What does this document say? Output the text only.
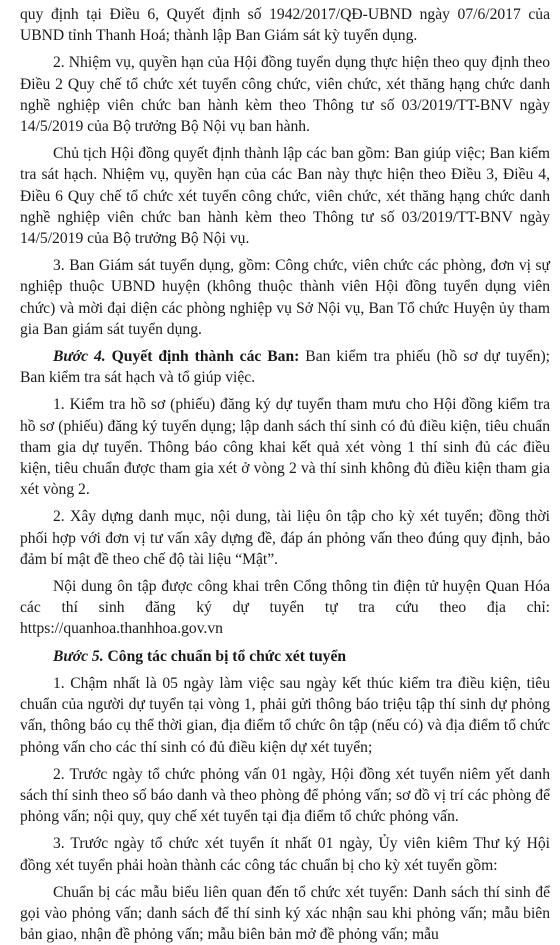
quy định tại Điều 6, Quyết định số 1942/2017/QĐ-UBND ngày 07/6/2017 của UBND tỉnh Thanh Hoá; thành lập Ban Giám sát kỳ tuyển dụng.

2. Nhiệm vụ, quyền hạn của Hội đồng tuyển dụng thực hiện theo quy định theo Điều 2 Quy chế tổ chức xét tuyển công chức, viên chức, xét thăng hạng chức danh nghề nghiệp viên chức ban hành kèm theo Thông tư số 03/2019/TT-BNV ngày 14/5/2019 của Bộ trưởng Bộ Nội vụ ban hành.

Chủ tịch Hội đồng quyết định thành lập các ban gồm: Ban giúp việc; Ban kiểm tra sát hạch. Nhiệm vụ, quyền hạn của các Ban này thực hiện theo Điều 3, Điều 4, Điều 6 Quy chế tổ chức xét tuyển công chức, viên chức, xét thăng hạng chức danh nghề nghiệp viên chức ban hành kèm theo Thông tư số 03/2019/TT-BNV ngày 14/5/2019 của Bộ trưởng Bộ Nội vụ.

3. Ban Giám sát tuyển dụng, gồm: Công chức, viên chức các phòng, đơn vị sự nghiệp thuộc UBND huyện (không thuộc thành viên Hội đồng tuyển dụng viên chức) và mời đại diện các phòng nghiệp vụ Sở Nội vụ, Ban Tổ chức Huyện ủy tham gia Ban giám sát tuyển dụng.

Bước 4. Quyết định thành các Ban: Ban kiểm tra phiếu (hồ sơ dự tuyển); Ban kiểm tra sát hạch và tổ giúp việc.

1. Kiểm tra hồ sơ (phiếu) đăng ký dự tuyển tham mưu cho Hội đồng kiểm tra hồ sơ (phiếu) đăng ký tuyển dụng; lập danh sách thí sinh có đủ điều kiện, tiêu chuẩn tham gia dự tuyển. Thông báo công khai kết quả xét vòng 1 thí sinh đủ các điều kiện, tiêu chuẩn được tham gia xét ở vòng 2 và thí sinh không đủ điều kiện tham gia xét vòng 2.

2. Xây dựng danh mục, nội dung, tài liệu ôn tập cho kỳ xét tuyển; đồng thời phối hợp với đơn vị tư vấn xây dựng đề, đáp án phỏng vấn theo đúng quy định, bảo đảm bí mật đề theo chế độ tài liệu “Mật”.

Nội dung ôn tập được công khai trên Cổng thông tin điện tử huyện Quan Hóa các thí sinh đăng ký dự tuyển tự tra cứu theo địa chỉ: https://quanhoa.thanhhoa.gov.vn

Bước 5. Công tác chuẩn bị tổ chức xét tuyển

1. Chậm nhất là 05 ngày làm việc sau ngày kết thúc kiểm tra điều kiện, tiêu chuẩn của người dự tuyển tại vòng 1, phải gửi thông báo triệu tập thí sinh dự phỏng vấn, thông báo cụ thể thời gian, địa điểm tổ chức ôn tập (nếu có) và địa điểm tổ chức phỏng vấn cho các thí sinh có đủ điều kiện dự xét tuyển;

2. Trước ngày tổ chức phỏng vấn 01 ngày, Hội đồng xét tuyển niêm yết danh sách thí sinh theo số báo danh và theo phòng để phỏng vấn; sơ đồ vị trí các phòng để phỏng vấn; nội quy, quy chế xét tuyển tại địa điểm tổ chức phỏng vấn.

3. Trước ngày tổ chức xét tuyển ít nhất 01 ngày, Ủy viên kiêm Thư ký Hội đồng xét tuyển phải hoàn thành các công tác chuẩn bị cho kỳ xét tuyển gồm:

Chuẩn bị các mẫu biểu liên quan đến tổ chức xét tuyển: Danh sách thí sinh để gọi vào phỏng vấn; danh sách để thí sinh ký xác nhận sau khi phỏng vấn; mẫu biên bản giao, nhận đề phỏng vấn; mẫu biên bản mở đề phỏng vấn; mẫu
